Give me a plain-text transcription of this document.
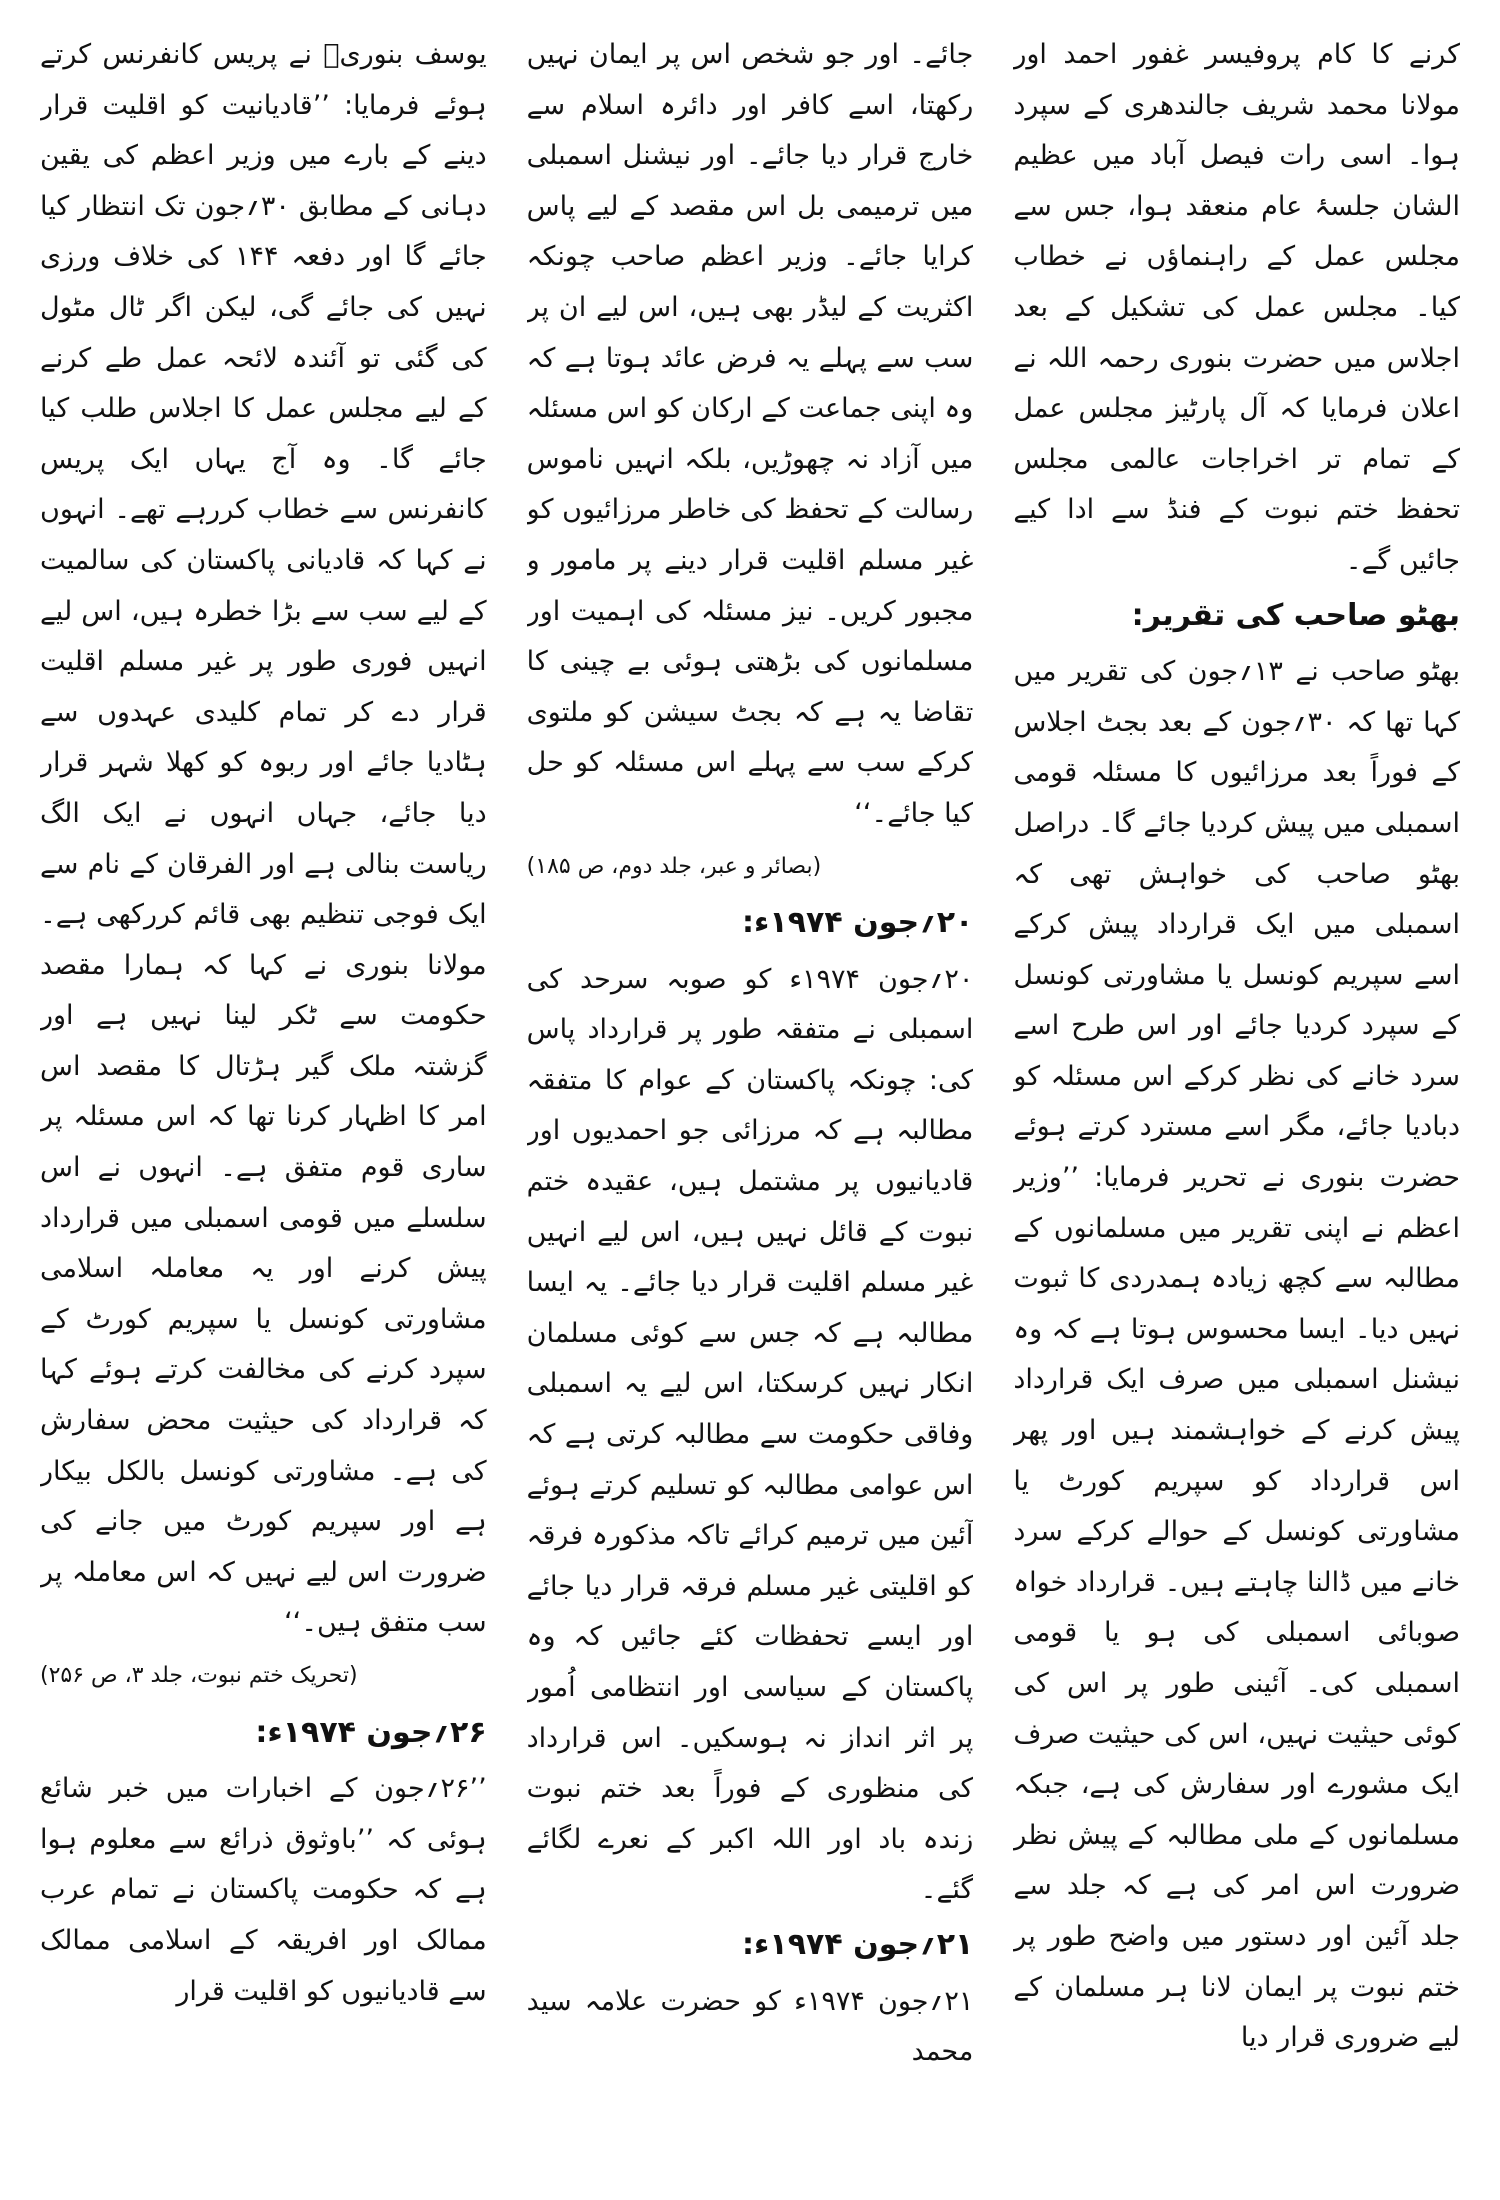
کرنے کا کام پروفیسر غفور احمد اور مولانا محمد شریف جالندھری کے سپرد ہوا۔ اسی رات فیصل آباد میں عظیم الشان جلسۂ عام منعقد ہوا، جس سے مجلس عمل کے راہنماؤں نے خطاب کیا۔ مجلس عمل کی تشکیل کے بعد اجلاس میں حضرت بنوری رحمہ اللہ نے اعلان فرمایا کہ آل پارٹیز مجلس عمل کے تمام تر اخراجات عالمی مجلس تحفظ ختم نبوت کے فنڈ سے ادا کیے جائیں گے۔

بھٹو صاحب کی تقریر:

بھٹو صاحب نے ۱۳؍جون کی تقریر میں کہا تھا کہ ۳۰؍جون کے بعد بجٹ اجلاس کے فوراً بعد مرزائیوں کا مسئلہ قومی اسمبلی میں پیش کردیا جائے گا۔ دراصل بھٹو صاحب کی خواہش تھی کہ اسمبلی میں ایک قرارداد پیش کرکے اسے سپریم کونسل یا مشاورتی کونسل کے سپرد کردیا جائے اور اس طرح اسے سرد خانے کی نظر کرکے اس مسئلہ کو دبادیا جائے، مگر اسے مسترد کرتے ہوئے حضرت بنوری نے تحریر فرمایا: ’’وزیر اعظم نے اپنی تقریر میں مسلمانوں کے مطالبہ سے کچھ زیادہ ہمدردی کا ثبوت نہیں دیا۔ ایسا محسوس ہوتا ہے کہ وہ نیشنل اسمبلی میں صرف ایک قرارداد پیش کرنے کے خواہشمند ہیں اور پھر اس قرارداد کو سپریم کورٹ یا مشاورتی کونسل کے حوالے کرکے سرد خانے میں ڈالنا چاہتے ہیں۔ قرارداد خواہ صوبائی اسمبلی کی ہو یا قومی اسمبلی کی۔ آئینی طور پر اس کی کوئی حیثیت نہیں، اس کی حیثیت صرف ایک مشورے اور سفارش کی ہے، جبکہ مسلمانوں کے ملی مطالبہ کے پیش نظر ضرورت اس امر کی ہے کہ جلد سے جلد آئین اور دستور میں واضح طور پر ختم نبوت پر ایمان لانا ہر مسلمان کے لیے ضروری قرار دیا

جائے۔ اور جو شخص اس پر ایمان نہیں رکھتا، اسے کافر اور دائرہ اسلام سے خارج قرار دیا جائے۔ اور نیشنل اسمبلی میں ترمیمی بل اس مقصد کے لیے پاس کرایا جائے۔ وزیر اعظم صاحب چونکہ اکثریت کے لیڈر بھی ہیں، اس لیے ان پر سب سے پہلے یہ فرض عائد ہوتا ہے کہ وہ اپنی جماعت کے ارکان کو اس مسئلہ میں آزاد نہ چھوڑیں، بلکہ انہیں ناموس رسالت کے تحفظ کی خاطر مرزائیوں کو غیر مسلم اقلیت قرار دینے پر مامور و مجبور کریں۔ نیز مسئلہ کی اہمیت اور مسلمانوں کی بڑھتی ہوئی بے چینی کا تقاضا یہ ہے کہ بجٹ سیشن کو ملتوی کرکے سب سے پہلے اس مسئلہ کو حل کیا جائے۔‘‘

(بصائر و عبر، جلد دوم، ص ۱۸۵)
۲۰؍جون ۱۹۷۴ء:

۲۰؍جون ۱۹۷۴ء کو صوبہ سرحد کی اسمبلی نے متفقہ طور پر قرارداد پاس کی: چونکہ پاکستان کے عوام کا متفقہ مطالبہ ہے کہ مرزائی جو احمدیوں اور قادیانیوں پر مشتمل ہیں، عقیدہ ختم نبوت کے قائل نہیں ہیں، اس لیے انہیں غیر مسلم اقلیت قرار دیا جائے۔ یہ ایسا مطالبہ ہے کہ جس سے کوئی مسلمان انکار نہیں کرسکتا، اس لیے یہ اسمبلی وفاقی حکومت سے مطالبہ کرتی ہے کہ اس عوامی مطالبہ کو تسلیم کرتے ہوئے آئین میں ترمیم کرائے تاکہ مذکورہ فرقہ کو اقلیتی غیر مسلم فرقہ قرار دیا جائے اور ایسے تحفظات کئے جائیں کہ وہ پاکستان کے سیاسی اور انتظامی اُمور پر اثر انداز نہ ہوسکیں۔ اس قرارداد کی منظوری کے فوراً بعد ختم نبوت زندہ باد اور اللہ اکبر کے نعرے لگائے گئے۔

۲۱؍جون ۱۹۷۴ء:

۲۱؍جون ۱۹۷۴ء کو حضرت علامہ سید محمد

یوسف بنوریؒ نے پریس کانفرنس کرتے ہوئے فرمایا: ’’قادیانیت کو اقلیت قرار دینے کے بارے میں وزیر اعظم کی یقین دہانی کے مطابق ۳۰؍جون تک انتظار کیا جائے گا اور دفعہ ۱۴۴ کی خلاف ورزی نہیں کی جائے گی، لیکن اگر ٹال مٹول کی گئی تو آئندہ لائحہ عمل طے کرنے کے لیے مجلس عمل کا اجلاس طلب کیا جائے گا۔ وہ آج یہاں ایک پریس کانفرنس سے خطاب کررہے تھے۔ انہوں نے کہا کہ قادیانی پاکستان کی سالمیت کے لیے سب سے بڑا خطرہ ہیں، اس لیے انہیں فوری طور پر غیر مسلم اقلیت قرار دے کر تمام کلیدی عہدوں سے ہٹادیا جائے اور ربوہ کو کھلا شہر قرار دیا جائے، جہاں انہوں نے ایک الگ ریاست بنالی ہے اور الفرقان کے نام سے ایک فوجی تنظیم بھی قائم کررکھی ہے۔ مولانا بنوری نے کہا کہ ہمارا مقصد حکومت سے ٹکر لینا نہیں ہے اور گزشتہ ملک گیر ہڑتال کا مقصد اس امر کا اظہار کرنا تھا کہ اس مسئلہ پر ساری قوم متفق ہے۔ انہوں نے اس سلسلے میں قومی اسمبلی میں قرارداد پیش کرنے اور یہ معاملہ اسلامی مشاورتی کونسل یا سپریم کورٹ کے سپرد کرنے کی مخالفت کرتے ہوئے کہا کہ قرارداد کی حیثیت محض سفارش کی ہے۔ مشاورتی کونسل بالکل بیکار ہے اور سپریم کورٹ میں جانے کی ضرورت اس لیے نہیں کہ اس معاملہ پر سب متفق ہیں۔‘‘

(تحریک ختم نبوت، جلد ۳، ص ۲۵۶)
۲۶؍جون ۱۹۷۴ء:

’’۲۶؍جون کے اخبارات میں خبر شائع ہوئی کہ ’’باوثوق ذرائع سے معلوم ہوا ہے کہ حکومت پاکستان نے تمام عرب ممالک اور افریقہ کے اسلامی ممالک سے قادیانیوں کو اقلیت قرار
